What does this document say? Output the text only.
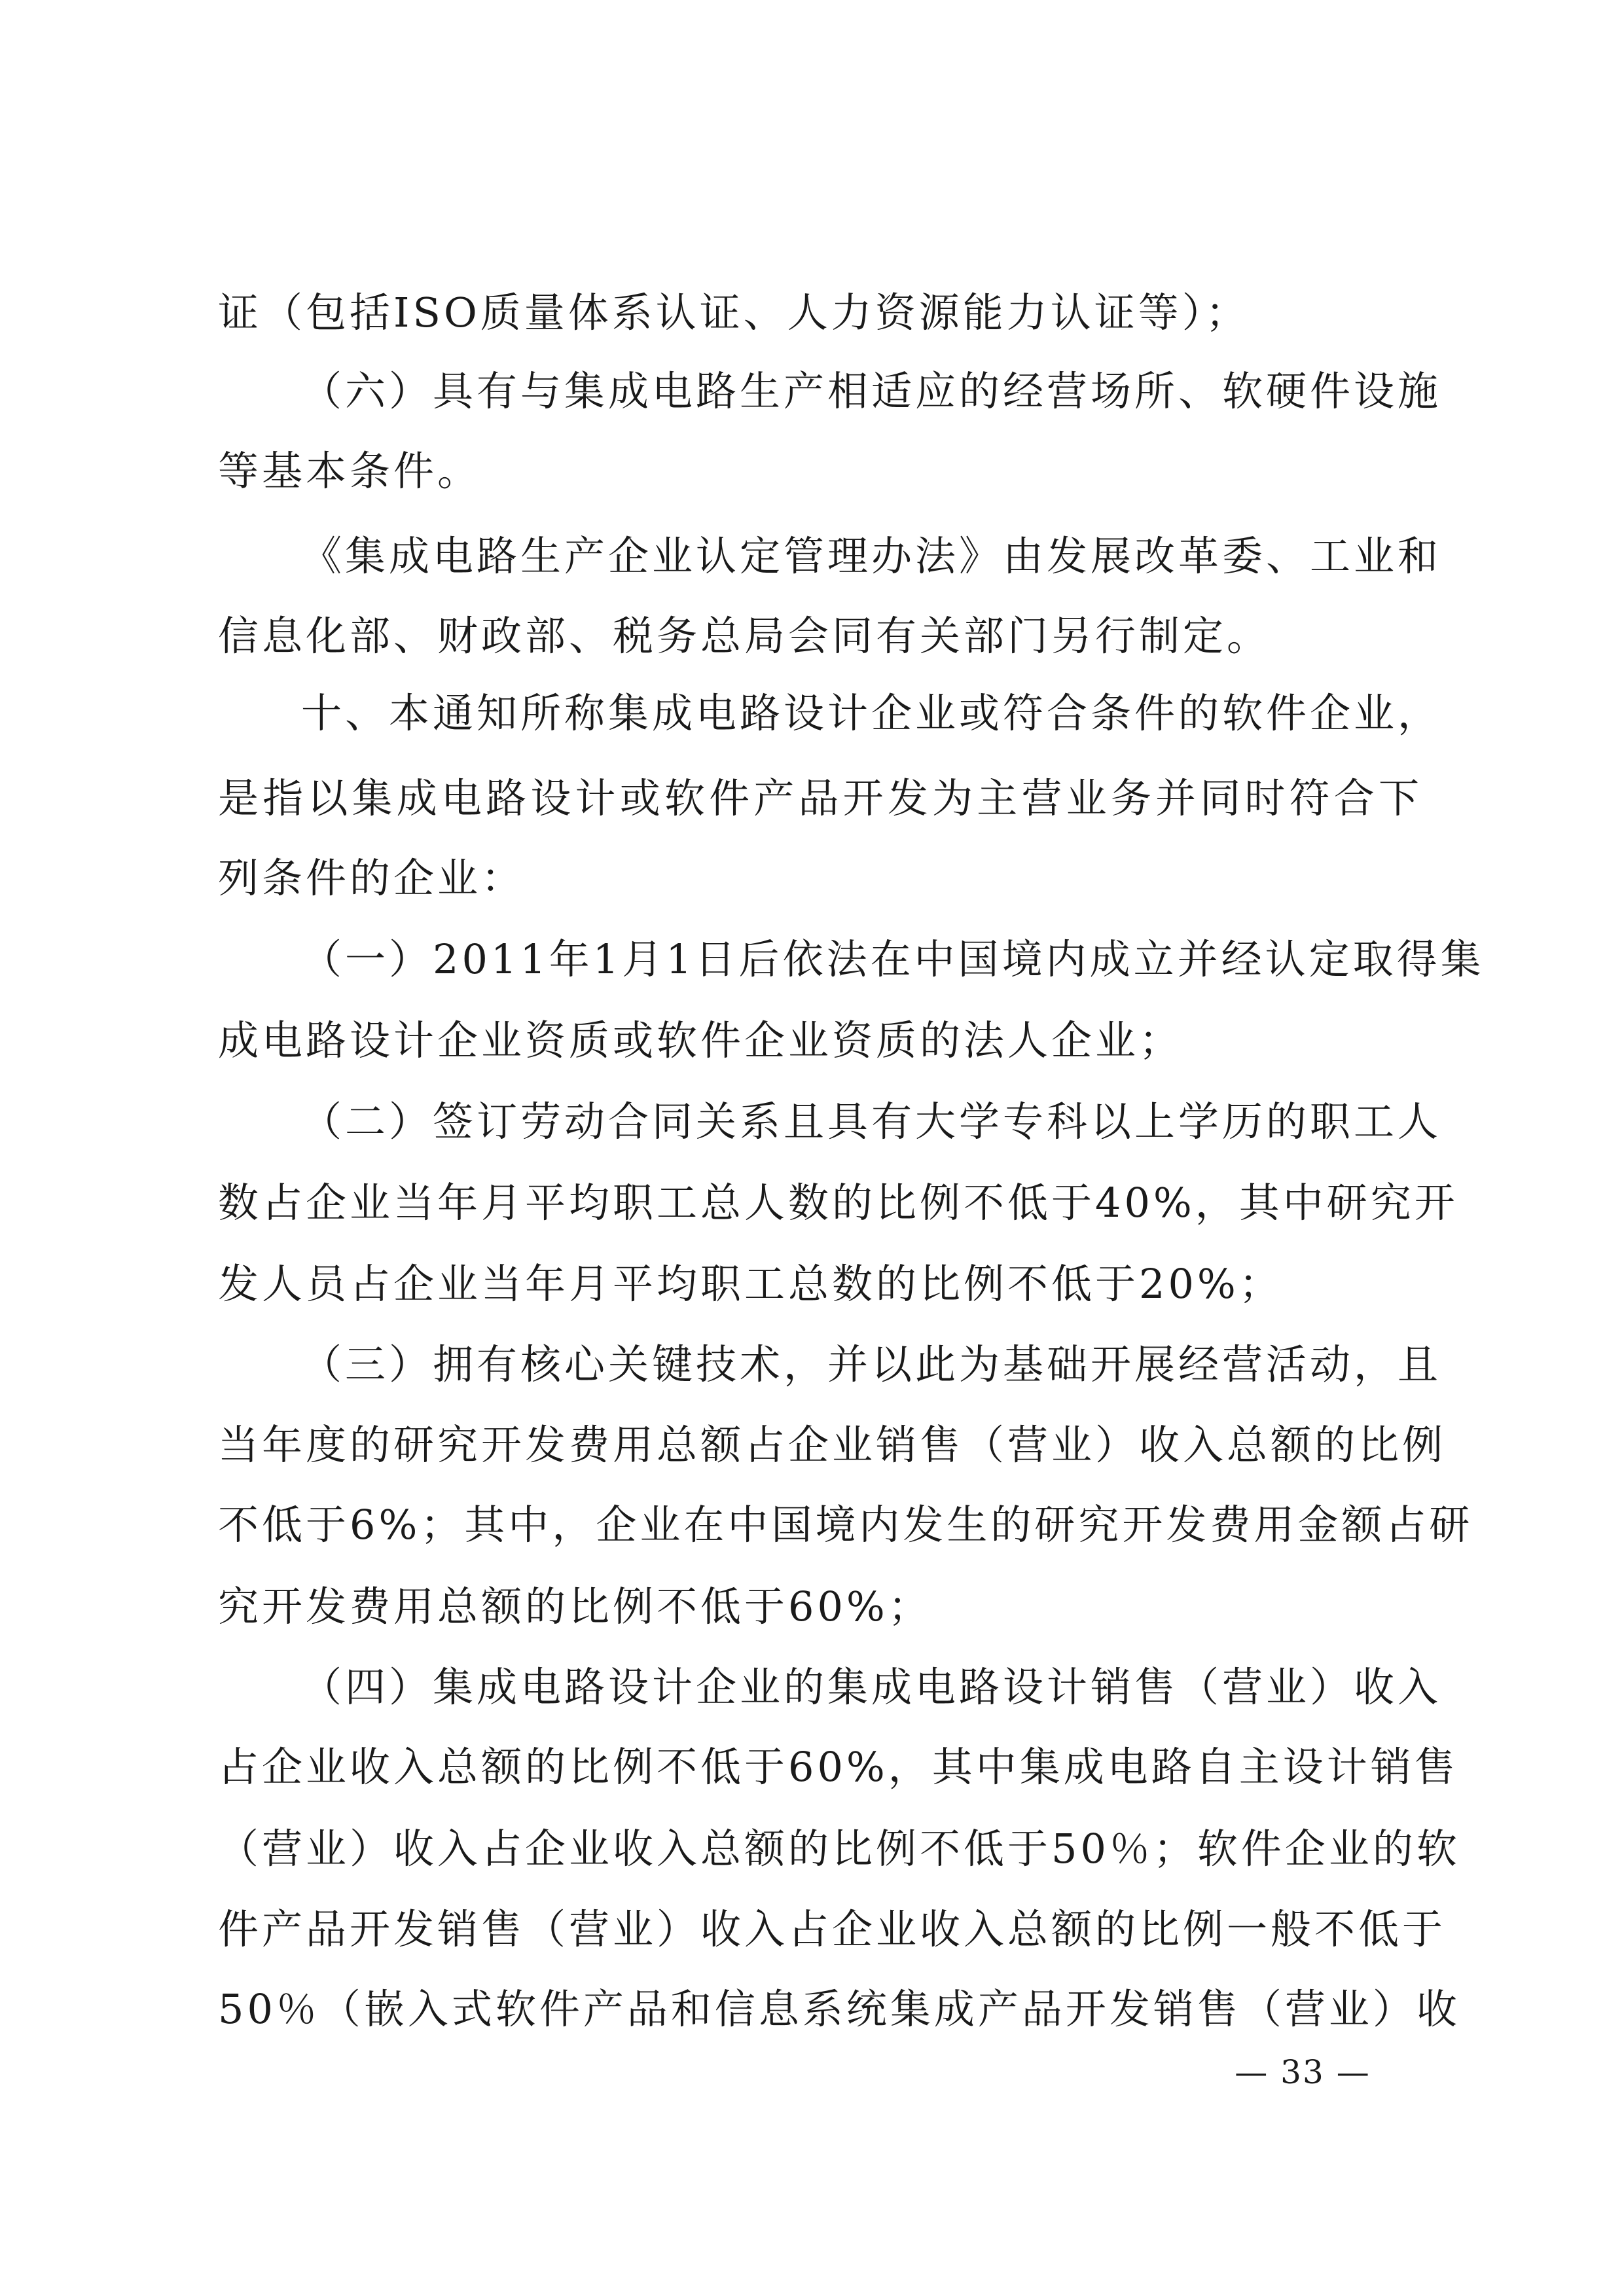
证（包括ISO质量体系认证、人力资源能力认证等）；
（六）具有与集成电路生产相适应的经营场所、软硬件设施
等基本条件。
《集成电路生产企业认定管理办法》由发展改革委、工业和
信息化部、财政部、税务总局会同有关部门另行制定。
十、本通知所称集成电路设计企业或符合条件的软件企业，
是指以集成电路设计或软件产品开发为主营业务并同时符合下
列条件的企业：
（一）2011年1月1日后依法在中国境内成立并经认定取得集
成电路设计企业资质或软件企业资质的法人企业；
（二）签订劳动合同关系且具有大学专科以上学历的职工人
数占企业当年月平均职工总人数的比例不低于40%，其中研究开
发人员占企业当年月平均职工总数的比例不低于20%；
（三）拥有核心关键技术，并以此为基础开展经营活动，且
当年度的研究开发费用总额占企业销售（营业）收入总额的比例
不低于6%；其中，企业在中国境内发生的研究开发费用金额占研
究开发费用总额的比例不低于60%；
（四）集成电路设计企业的集成电路设计销售（营业）收入
占企业收入总额的比例不低于60%，其中集成电路自主设计销售
（营业）收入占企业收入总额的比例不低于50％；软件企业的软
件产品开发销售（营业）收入占企业收入总额的比例一般不低于
50％（嵌入式软件产品和信息系统集成产品开发销售（营业）收
— 33 —
